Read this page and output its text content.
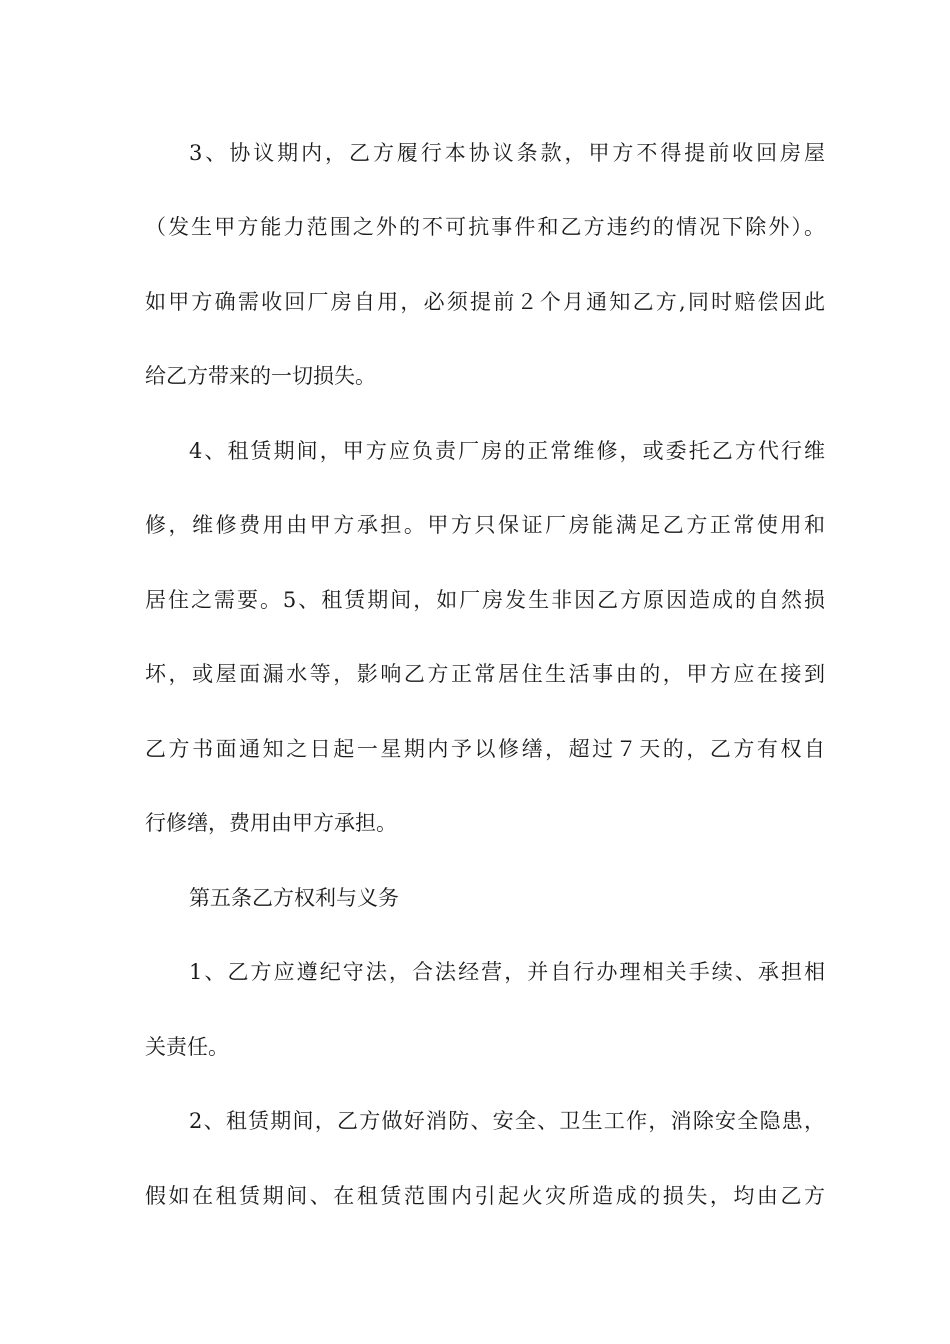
3、协议期内，乙方履行本协议条款，甲方不得提前收回房屋
（发生甲方能力范围之外的不可抗事件和乙方违约的情况下除外）。
如甲方确需收回厂房自用，必须提前２个月通知乙方,同时赔偿因此
给乙方带来的一切损失。
4、租赁期间，甲方应负责厂房的正常维修，或委托乙方代行维
修，维修费用由甲方承担。甲方只保证厂房能满足乙方正常使用和
居住之需要。5、租赁期间，如厂房发生非因乙方原因造成的自然损
坏，或屋面漏水等，影响乙方正常居住生活事由的，甲方应在接到
乙方书面通知之日起一星期内予以修缮，超过７天的，乙方有权自
行修缮，费用由甲方承担。
第五条乙方权利与义务
1、乙方应遵纪守法，合法经营，并自行办理相关手续、承担相
关责任。
2、租赁期间，乙方做好消防、安全、卫生工作，消除安全隐患，
假如在租赁期间、在租赁范围内引起火灾所造成的损失，均由乙方
